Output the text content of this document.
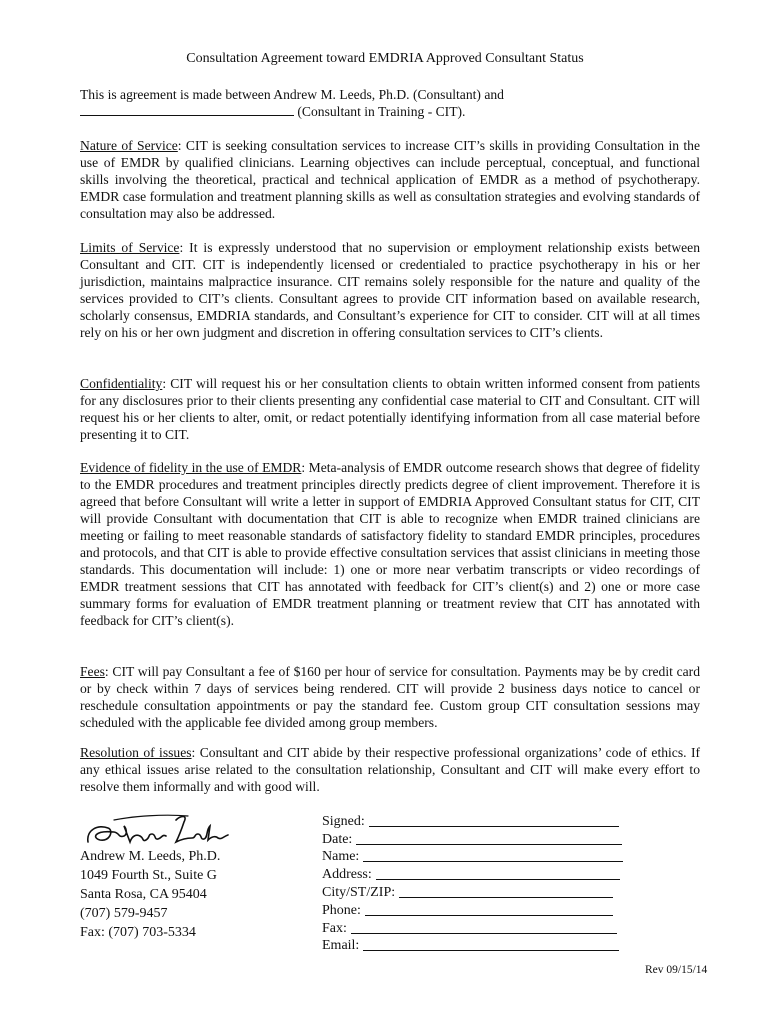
Consultation Agreement toward EMDRIA Approved Consultant Status

This is agreement is made between Andrew M. Leeds, Ph.D. (Consultant) and
(Consultant in Training - CIT).

Nature of Service: CIT is seeking consultation services to increase CIT’s skills in providing Consultation in the use of EMDR by qualified clinicians. Learning objectives can include perceptual, conceptual, and functional skills involving the theoretical, practical and technical application of EMDR as a method of psychotherapy. EMDR case formulation and treatment planning skills as well as consultation strategies and evolving standards of consultation may also be addressed.

Limits of Service: It is expressly understood that no supervision or employment relationship exists between Consultant and CIT. CIT is independently licensed or credentialed to practice psychotherapy in his or her jurisdiction, maintains malpractice insurance. CIT remains solely responsible for the nature and quality of the services provided to CIT’s clients. Consultant agrees to provide CIT information based on available research, scholarly consensus, EMDRIA standards, and Consultant’s experience for CIT to consider. CIT will at all times rely on his or her own judgment and discretion in offering consultation services to CIT’s clients.

Confidentiality: CIT will request his or her consultation clients to obtain written informed consent from patients for any disclosures prior to their clients presenting any confidential case material to CIT and Consultant. CIT will request his or her clients to alter, omit, or redact potentially identifying information from all case material before presenting it to CIT.

Evidence of fidelity in the use of EMDR: Meta-analysis of EMDR outcome research shows that degree of fidelity to the EMDR procedures and treatment principles directly predicts degree of client improvement. Therefore it is agreed that before Consultant will write a letter in support of EMDRIA Approved Consultant status for CIT, CIT will provide Consultant with documentation that CIT is able to recognize when EMDR trained clinicians are meeting or failing to meet reasonable standards of satisfactory fidelity to standard EMDR principles, procedures and protocols, and that CIT is able to provide effective consultation services that assist clinicians in meeting those standards. This documentation will include: 1) one or more near verbatim transcripts or video recordings of EMDR treatment sessions that CIT has annotated with feedback for CIT’s client(s) and 2) one or more case summary forms for evaluation of EMDR treatment planning or treatment review that CIT has annotated with feedback for CIT’s client(s).

Fees: CIT will pay Consultant a fee of $160 per hour of service for consultation. Payments may be by credit card or by check within 7 days of services being rendered. CIT will provide 2 business days notice to cancel or reschedule consultation appointments or pay the standard fee. Custom group CIT consultation sessions may scheduled with the applicable fee divided among group members.

Resolution of issues: Consultant and CIT abide by their respective professional organizations’ code of ethics. If any ethical issues arise related to the consultation relationship, Consultant and CIT will make every effort to resolve them informally and with good will.

Andrew M. Leeds, Ph.D.
1049 Fourth St., Suite G
Santa Rosa, CA 95404
(707) 579-9457
Fax: (707) 703-5334
Signed:
Date:
Name:
Address:
City/ST/ZIP:
Phone:
Fax:
Email:
Rev 09/15/14
